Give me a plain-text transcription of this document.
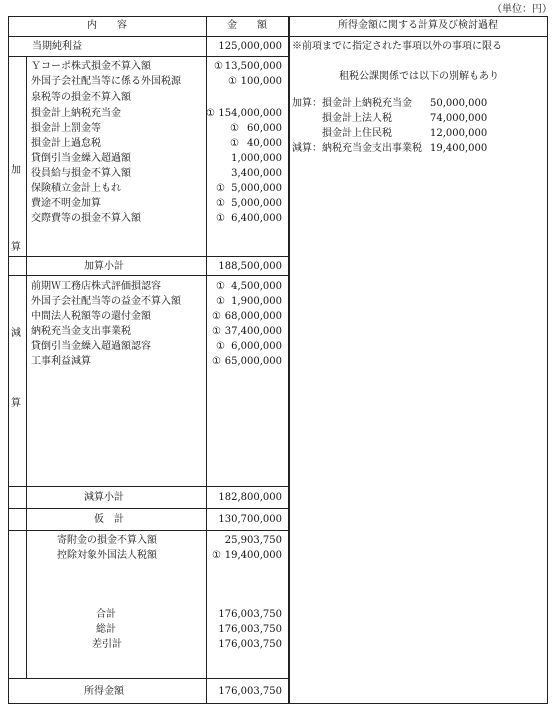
（単位：円）
内　　容	金　　額	所得金額に関する計算及び検討過程
当期純利益	125,000,000
加
算
Ｙコーポ株式損金不算入額	① 13,500,000
外国子会社配当等に係る外国税源	① 100,000
泉税等の損金不算入額
損金計上納税充当金	① 154,000,000
損金計上罰金等	① 60,000
損金計上過怠税	① 40,000
貸倒引当金繰入超過額	1,000,000
役員給与損金不算入額	3,400,000
保険積立金計上もれ	① 5,000,000
費途不明金加算	① 5,000,000
交際費等の損金不算入額	① 6,400,000
加算小計	188,500,000
減
算
前期Ｗ工務店株式評価損認容	① 4,500,000
外国子会社配当等の益金不算入額	① 1,900,000
中間法人税額等の還付金額	① 68,000,000
納税充当金支出事業税	① 37,400,000
貸倒引当金繰入超過額認容	① 6,000,000
工事利益減算	① 65,000,000
減算小計	182,800,000
仮　計	130,700,000
寄附金の損金不算入額	25,903,750
控除対象外国法人税額	① 19,400,000
合計	176,003,750
総計	176,003,750
差引計	176,003,750
所得金額	176,003,750
※前項までに指定された事項以外の事項に限る
租税公課関係では以下の別解もあり
加算： 損金計上納税充当金 50,000,000
損金計上法人税	74,000,000
損金計上住民税	12,000,000
減算： 納税充当金支出事業税 19,400,000
